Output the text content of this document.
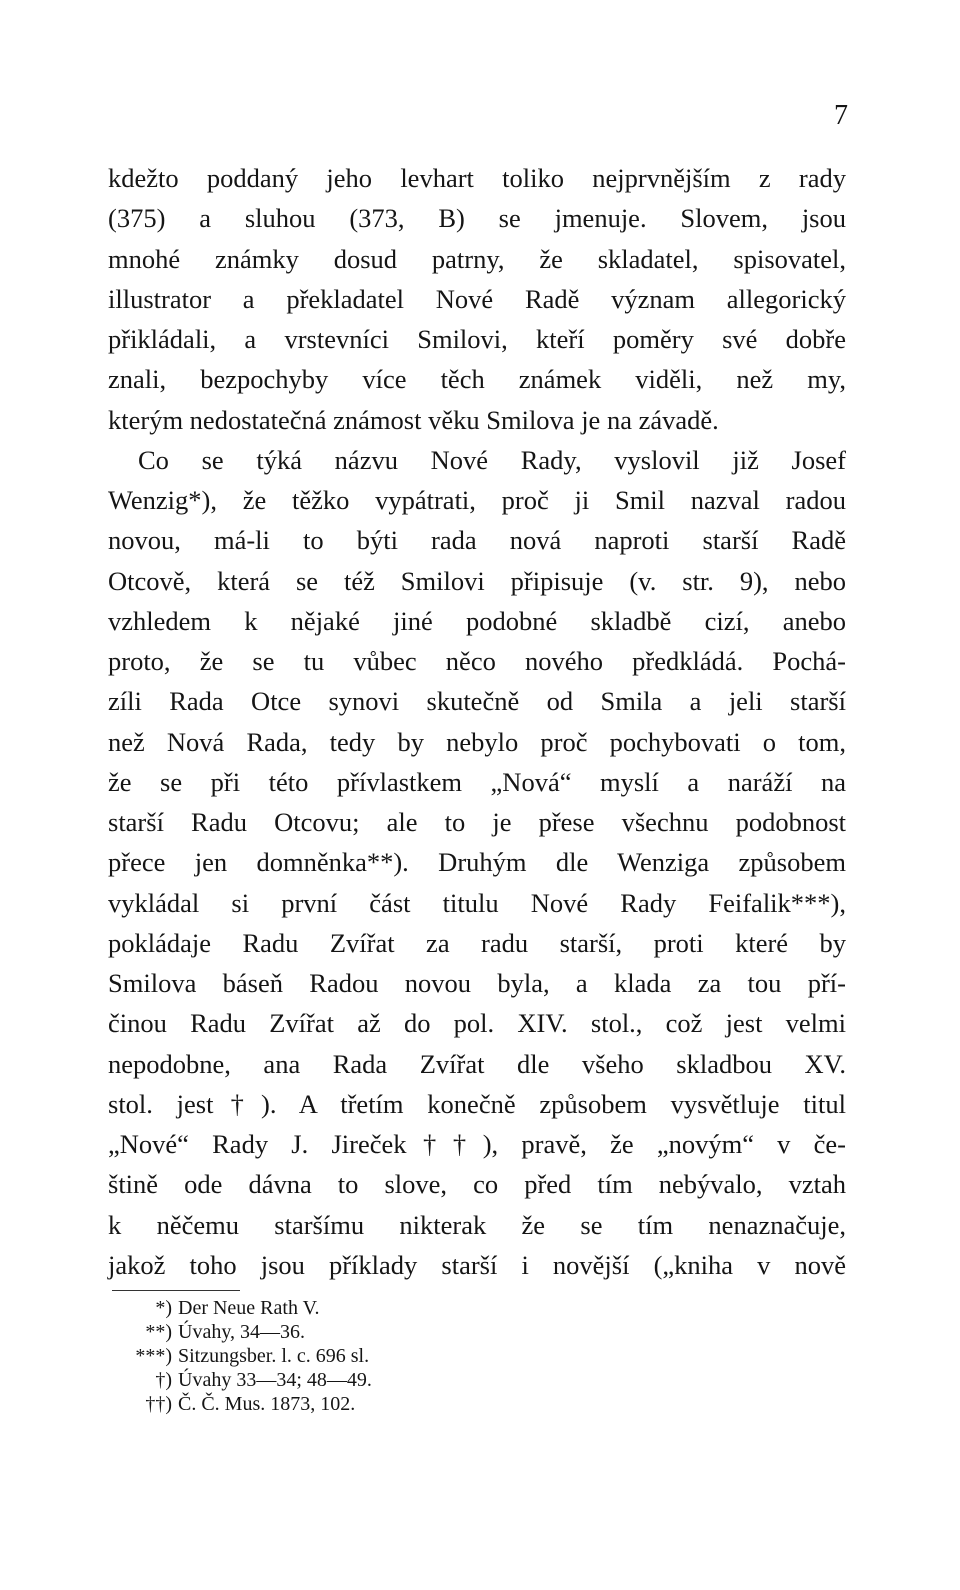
7
kdežto poddaný jeho levhart toliko nejprvnějším z rady
(375) a sluhou (373, B) se jmenuje. Slovem, jsou
mnohé známky dosud patrny, že skladatel, spisovatel,
illustrator a překladatel Nové Radě význam allegorický
přikládali, a vrstevníci Smilovi, kteří poměry své dobře
znali, bezpochyby více těch známek viděli, než my,
kterým nedostatečná známost věku Smilova je na závadě.
Co se týká názvu Nové Rady, vyslovil již Josef
Wenzig*), že těžko vypátrati, proč ji Smil nazval radou
novou, má-li to býti rada nová naproti starší Radě
Otcově, která se též Smilovi připisuje (v. str. 9), nebo
vzhledem k nějaké jiné podobné skladbě cizí, anebo
proto, že se tu vůbec něco nového předkládá. Pochá-
zíli Rada Otce synovi skutečně od Smila a jeli starší
než Nová Rada, tedy by nebylo proč pochybovati o tom,
že se při této přívlastkem „Nová“ myslí a naráží na
starší Radu Otcovu; ale to je přese všechnu podobnost
přece jen domněnka**). Druhým dle Wenziga způsobem
vykládal si první část titulu Nové Rady Feifalik***),
pokládaje Radu Zvířat za radu starší, proti které by
Smilova báseň Radou novou byla, a klada za tou pří-
činou Radu Zvířat až do pol. XIV. stol., což jest velmi
nepodobne, ana Rada Zvířat dle všeho skladbou XV.
stol. jest†). A třetím konečně způsobem vysvětluje titul
„Nové“ Rady J. Jireček††), pravě, že „novým“ v če-
štině ode dávna to slove, co před tím nebývalo, vztah
k něčemu staršímu nikterak že se tím nenaznačuje,
jakož toho jsou příklady starší i novější („kniha v nově
*) Der Neue Rath V.
**) Úvahy, 34—36.
***) Sitzungsber. l. c. 696 sl.
†) Úvahy 33—34; 48—49.
††) Č. Č. Mus. 1873, 102.
